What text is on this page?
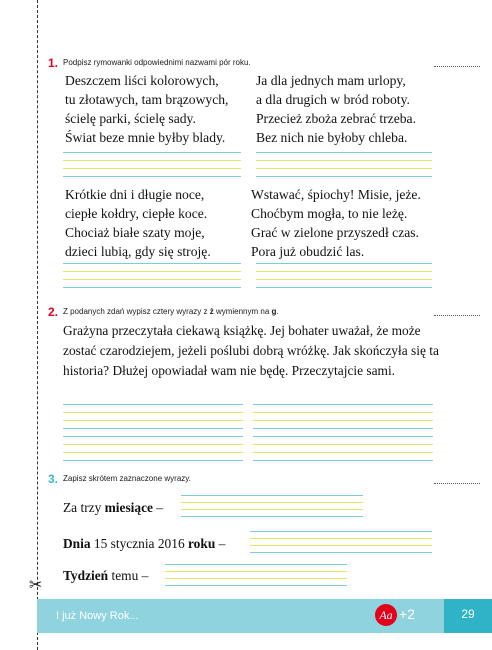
✂
1. Podpisz rymowanki odpowiednimi nazwami pór roku.
Deszczem liści kolorowych,
tu złotawych, tam brązowych,
ścielę parki, ścielę sady.
Świat beze mnie byłby blady.
Ja dla jednych mam urlopy,
a dla drugich w bród roboty.
Przecież zboża zebrać trzeba.
Bez nich nie byłoby chleba.
Krótkie dni i długie noce,
ciepłe kołdry, ciepłe koce.
Chociaż białe szaty moje,
dzieci lubią, gdy się stroję.
Wstawać, śpiochy! Misie, jeże.
Choćbym mogła, to nie leżę.
Grać w zielone przyszedł czas.
Pora już obudzić las.
2. Z podanych zdań wypisz cztery wyrazy z ż wymiennym na g.
Grażyna przeczytała ciekawą książkę. Jej bohater uważał, że może zostać czarodziejem, jeżeli poślubi dobrą wróżkę. Jak skończyła się ta historia? Dłużej opowiadał wam nie będę. Przeczytajcie sami.
3. Zapisz skrótem zaznaczone wyrazy.
Za trzy miesiące –
Dnia 15 stycznia 2016 roku –
Tydzień temu –
I już Nowy Rok...	Aa +2	29
